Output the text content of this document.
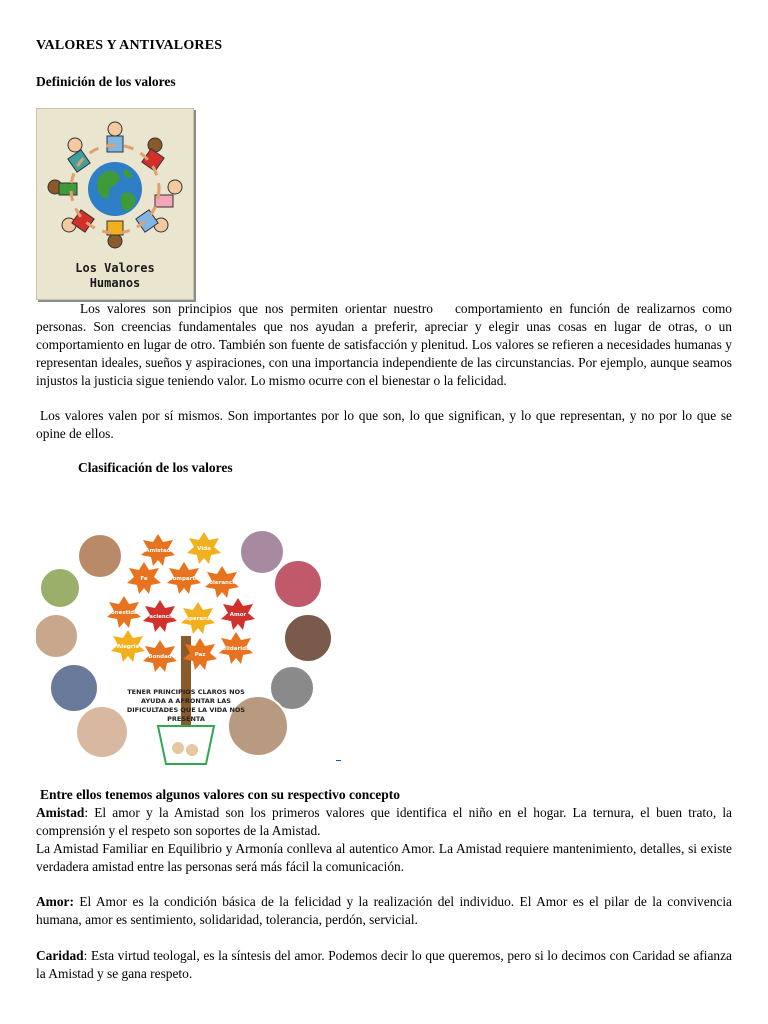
VALORES Y ANTIVALORES
Definición de los valores
Los Valores
Humanos

Los valores son principios que nos permiten orientar nuestro comportamiento en función de realizarnos como personas. Son creencias fundamentales que nos ayudan a preferir, apreciar y elegir unas cosas en lugar de otras, o un comportamiento en lugar de otro. También son fuente de satisfacción y plenitud. Los valores se refieren a necesidades humanas y representan ideales, sueños y aspiraciones, con una importancia independiente de las circunstancias. Por ejemplo, aunque seamos injustos la justicia sigue teniendo valor. Lo mismo ocurre con el bienestar o la felicidad.

Los valores valen por sí mismos. Son importantes por lo que son, lo que significan, y lo que representan, y no por lo que se opine de ellos.

Clasificación de los valores
Amistad	Vida
Fe	Compartir
Tolerancia
Honestidad
Paciencia Esperanza
Amor
Alegría
Bondad	Paz
Solidaridad
TENER PRINCIPIOS CLAROS NOS
AYUDA A AFRONTAR LAS
DIFICULTADES QUE LA VIDA NOS
PRESENTA
Entre ellos tenemos algunos valores con su respectivo concepto

Amistad: El amor y la Amistad son los primeros valores que identifica el niño en el hogar. La ternura, el buen trato, la comprensión y el respeto son soportes de la Amistad.

La Amistad Familiar en Equilibrio y Armonía conlleva al autentico Amor. La Amistad requiere mantenimiento, detalles, si existe verdadera amistad entre las personas será más fácil la comunicación.

Amor: El Amor es la condición básica de la felicidad y la realización del individuo. El Amor es el pilar de la convivencia humana, amor es sentimiento, solidaridad, tolerancia, perdón, servicial.

Caridad: Esta virtud teologal, es la síntesis del amor. Podemos decir lo que queremos, pero si lo decimos con Caridad se afianza la Amistad y se gana respeto.
